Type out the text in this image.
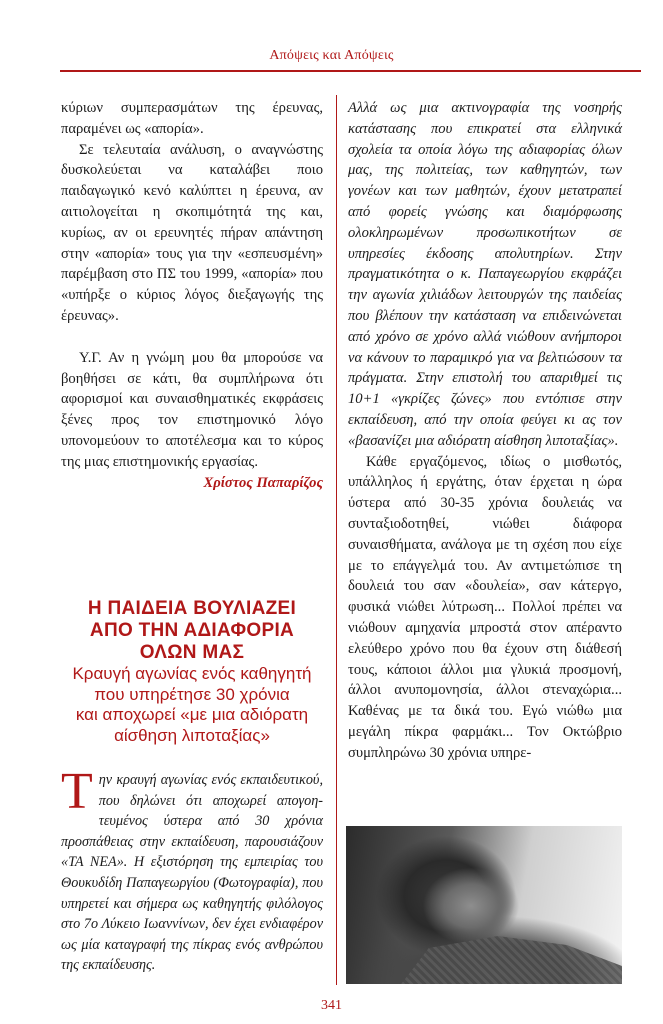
Απόψεις και Απόψεις

κύριων συμπερασμάτων της έρευνας, παραμένει ως «απορία».

Σε τελευταία ανάλυση, ο αναγνώστης δυσκολεύεται να καταλάβει ποιο παιδαγωγικό κενό καλύπτει η έρευνα, αν αιτιολογείται η σκοπιμότητά της και, κυρίως, αν οι ερευνητές πήραν απάντηση στην «απορία» τους για την «εσπευσμένη» παρέμβαση στο ΠΣ του 1999, «απορία» που «υπήρξε ο κύριος λόγος διεξαγωγής της έρευνας».

Υ.Γ. Αν η γνώμη μου θα μπορούσε να βοηθήσει σε κάτι, θα συμπλήρωνα ότι αφορισμοί και συναισθηματικές εκφράσεις ξένες προς τον επιστημονικό λόγο υπονομεύουν το αποτέλεσμα και το κύρος της μιας επιστημονικής εργασίας.

Χρίστος Παπαρίζος

Η ΠΑΙΔΕΙΑ ΒΟΥΛΙΑΖΕΙ
ΑΠΟ ΤΗΝ ΑΔΙΑΦΟΡΙΑ
ΟΛΩΝ ΜΑΣ
Κραυγή αγωνίας ενός καθηγητή
που υπηρέτησε 30 χρόνια
και αποχωρεί «με μια αδιόρατη
αίσθηση λιποταξίας»
Τ ην κραυγή αγωνίας ενός εκπαιδευτικού, που δηλώνει ότι αποχωρεί απογοη-τευμένος ύστερα από 30 χρόνια προσπάθειας στην εκπαίδευση, παρουσιάζουν «ΤΑ ΝΕΑ». Η εξιστόρηση της εμπειρίας του Θουκυδίδη Παπαγεωργίου (Φωτογραφία), που υπηρετεί και σήμερα ως καθηγητής φιλόλογος στο 7ο Λύκειο Ιωαννίνων, δεν έχει ενδιαφέρον ως μία καταγραφή της πίκρας ενός ανθρώπου της εκπαίδευσης.

Αλλά ως μια ακτινογραφία της νοσηρής κατάστασης που επικρατεί στα ελληνικά σχολεία τα οποία λόγω της αδιαφορίας όλων μας, της πολιτείας, των καθηγητών, των γονέων και των μαθητών, έχουν μετατραπεί από φορείς γνώσης και διαμόρφωσης ολοκληρωμένων προσωπικοτήτων σε υπηρεσίες έκδοσης απολυτηρίων. Στην πραγματικότητα ο κ. Παπαγεωργίου εκφράζει την αγωνία χιλιάδων λειτουργών της παιδείας που βλέπουν την κατάσταση να επιδεινώνεται από χρόνο σε χρόνο αλλά νιώθουν ανήμποροι να κάνουν το παραμικρό για να βελτιώσουν τα πράγματα. Στην επιστολή του απαριθμεί τις 10+1 «γκρίζες ζώνες» που εντόπισε στην εκπαίδευση, από την οποία φεύγει κι ας τον «βασανίζει μια αδιόρατη αίσθηση λιποταξίας».

Κάθε εργαζόμενος, ιδίως ο μισθωτός, υπάλληλος ή εργάτης, όταν έρχεται η ώρα ύστερα από 30-35 χρόνια δουλειάς να συνταξιοδοτηθεί, νιώθει διάφορα συναισθήματα, ανάλογα με τη σχέση που είχε με το επάγγελμά του. Αν αντιμετώπισε τη δουλειά του σαν «δουλεία», σαν κάτεργο, φυσικά νιώθει λύτρωση... Πολλοί πρέπει να νιώθουν αμηχανία μπροστά στον απέραντο ελεύθερο χρόνο που θα έχουν στη διάθεσή τους, κάποιοι άλλοι μια γλυκιά προσμονή, άλλοι ανυπομονησία, άλλοι στεναχώρια... Καθένας με τα δικά του. Εγώ νιώθω μια μεγάλη πίκρα φαρμάκι... Τον Οκτώβριο συμπληρώνω 30 χρόνια υπηρε-

341
